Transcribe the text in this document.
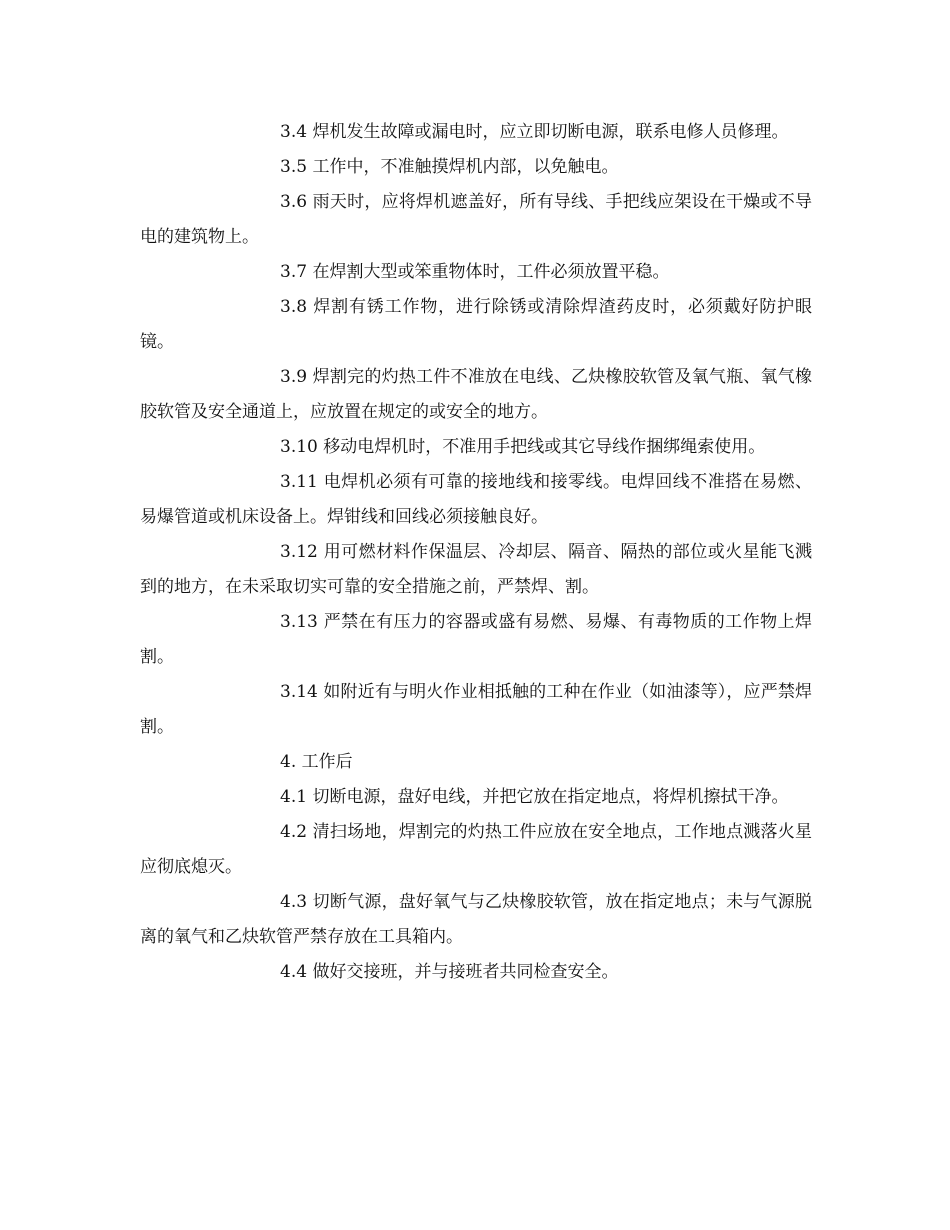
3.4 焊机发生故障或漏电时，应立即切断电源，联系电修人员修理。

3.5 工作中，不准触摸焊机内部，以免触电。

3.6 雨天时，应将焊机遮盖好，所有导线、手把线应架设在干燥或不导电的建筑物上。

3.7 在焊割大型或笨重物体时，工件必须放置平稳。

3.8 焊割有锈工作物，进行除锈或清除焊渣药皮时，必须戴好防护眼镜。

3.9 焊割完的灼热工件不准放在电线、乙炔橡胶软管及氧气瓶、氧气橡胶软管及安全通道上，应放置在规定的或安全的地方。

3.10 移动电焊机时，不准用手把线或其它导线作捆绑绳索使用。

3.11 电焊机必须有可靠的接地线和接零线。电焊回线不准搭在易燃、易爆管道或机床设备上。焊钳线和回线必须接触良好。

3.12 用可燃材料作保温层、冷却层、隔音、隔热的部位或火星能飞溅到的地方，在未采取切实可靠的安全措施之前，严禁焊、割。

3.13 严禁在有压力的容器或盛有易燃、易爆、有毒物质的工作物上焊割。

3.14 如附近有与明火作业相抵触的工种在作业（如油漆等），应严禁焊割。

4. 工作后

4.1 切断电源，盘好电线，并把它放在指定地点，将焊机擦拭干净。

4.2 清扫场地，焊割完的灼热工件应放在安全地点，工作地点溅落火星应彻底熄灭。

4.3 切断气源，盘好氧气与乙炔橡胶软管，放在指定地点；未与气源脱离的氧气和乙炔软管严禁存放在工具箱内。

4.4 做好交接班，并与接班者共同检查安全。
